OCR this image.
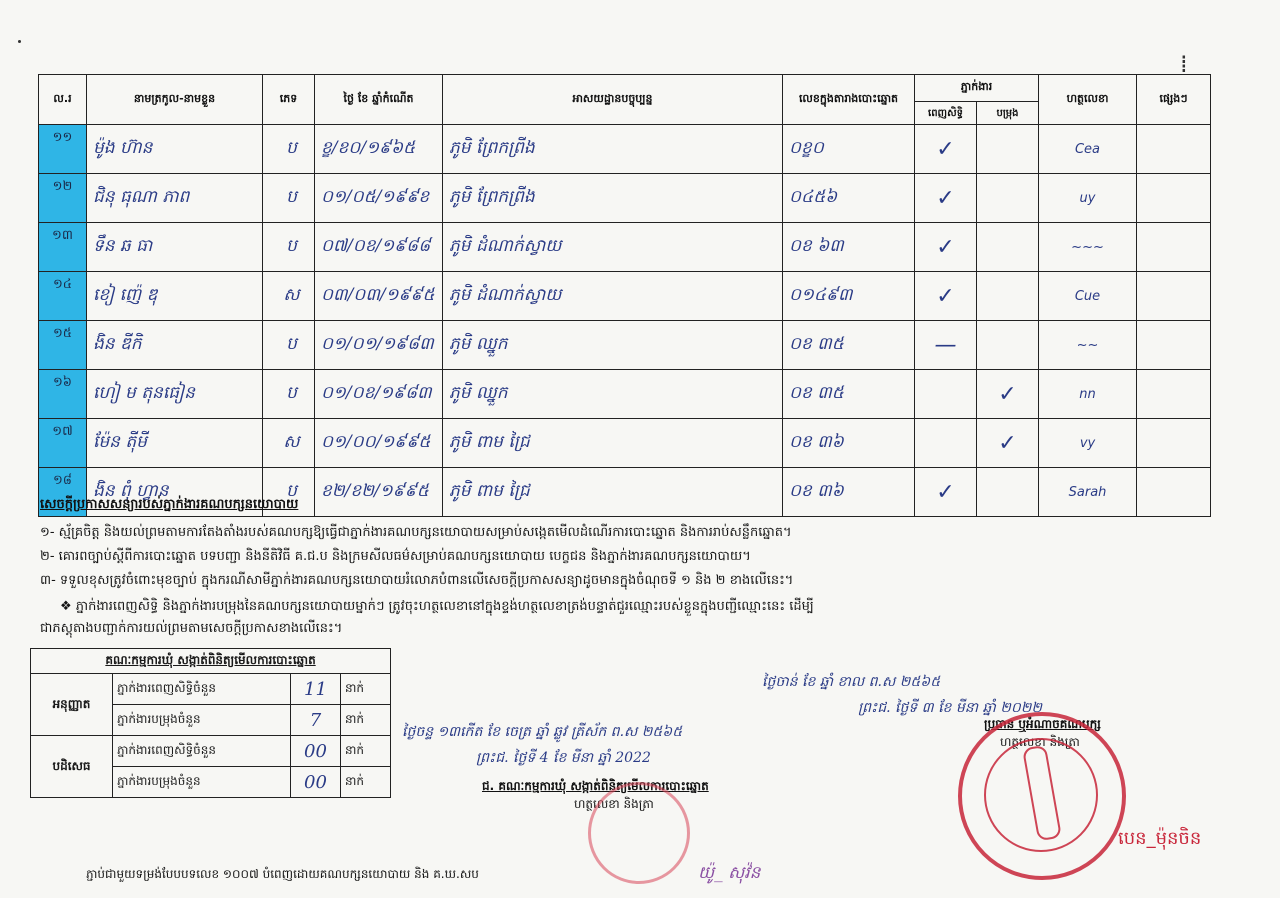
⁞
ល.រ	នាមត្រកូល-នាមខ្លួន	ភេទ	ថ្ងៃ ខែ ឆ្នាំកំណើត	អាសយដ្ឋានបច្ចុប្បន្ន	លេខក្នុងតារាងបោះឆ្នោត	ភ្នាក់ងារ		ហត្ថលេខា	ផ្សេងៗ
						ពេញសិទ្ធិ	បម្រុង		
១១	ម៉ូង ហ៊ាន	ប	ខ្ខ/ខ០/១៩៦៥	ភូមិ ព្រែកព្រីង	០ខ្ខ០	✓		Cea	
១២	ជិនុ ធុណា ភាព	ប	០១/០៥/១៩៩ខ	ភូមិ ព្រែកព្រីង	០៤៥៦	✓		uy	
១៣	ទឹន ឆ ធា	ប	០៧/០ខ/១៩៨៨	ភូមិ ដំណាក់ស្វាយ	០ខ ៦៣	✓		~~~	
១៤	ខៀ ញ៉េ ឌុ	ស	០៣/០៣/១៩៩៥	ភូមិ ដំណាក់ស្វាយ	០១៤៩៣	✓		Cue	
១៥	ងិន ឌីកិ	ប	០១/០១/១៩៨៣	ភូមិ ឈ្នួក	០ខ ៣៥	—		~~	
១៦	ហៀ ម តុនធៀន	ប	០១/០ខ/១៩៨៣	ភូមិ ឈ្នួក	០ខ ៣៥		✓	nn	
១៧	ម៉ែន ត៉ីមី	ស	០១/០០/១៩៩៥	ភូមិ ពាម ជ្រៃ	០ខ ៣៦		✓	vy	
១៨	ងិន ពុំ ហ្វាន	ប	ខ២/ខ២/១៩៩៥	ភូមិ ពាម ជ្រៃ	០ខ ៣៦	✓		Sarah	
សេចក្តីប្រកាសសន្យារបស់ភ្នាក់ងារគណបក្សនយោបាយ
១- ស្ម័គ្រចិត្ត និងយល់ព្រមតាមការតែងតាំងរបស់គណបក្សឱ្យធ្វើជាភ្នាក់ងារគណបក្សនយោបាយសម្រាប់សង្កេតមើលដំណើរការបោះឆ្នោត និងការរាប់សន្លឹកឆ្នោត។
២- គោរពច្បាប់ស្តីពីការបោះឆ្នោត បទបញ្ជា និងនីតិវិធី គ.ជ.ប និងក្រមសីលធម៌សម្រាប់គណបក្សនយោបាយ បេក្ខជន និងភ្នាក់ងារគណបក្សនយោបាយ។
៣- ទទួលខុសត្រូវចំពោះមុខច្បាប់ ក្នុងករណីសាមីភ្នាក់ងារគណបក្សនយោបាយរំលោភបំពានលើសេចក្តីប្រកាសសន្យាដូចមានក្នុងចំណុចទី ១ និង ២ ខាងលើនេះ។
❖ ភ្នាក់ងារពេញសិទ្ធិ និងភ្នាក់ងារបម្រុងនៃគណបក្សនយោបាយម្នាក់ៗ ត្រូវចុះហត្ថលេខានៅក្នុងខ្ទង់ហត្ថលេខាត្រង់បន្ទាត់ជួរឈ្មោះរបស់ខ្លួនក្នុងបញ្ជីឈ្មោះនេះ ដើម្បី
ជាភស្តុតាងបញ្ជាក់ការយល់ព្រមតាមសេចក្តីប្រកាសខាងលើនេះ។
គណៈកម្មការឃុំ សង្កាត់ពិនិត្យមើលការបោះឆ្នោត			
អនុញ្ញាត	ភ្នាក់ងារពេញសិទ្ធិចំនួន	11	នាក់
	ភ្នាក់ងារបម្រុងចំនួន	7	នាក់
បដិសេធ	ភ្នាក់ងារពេញសិទ្ធិចំនួន	00	នាក់
	ភ្នាក់ងារបម្រុងចំនួន	00	នាក់
ថ្ងៃចន្ទ ១៣កើត ខែ ចេត្រ ឆ្នាំ ឆ្លូវ ត្រីស័ក ព.ស ២៥៦៥
ព្រះជ. ថ្ងៃទី 4 ខែ មីនា ឆ្នាំ 2022
ជ. គណៈកម្មការឃុំ សង្កាត់ពិនិត្យមើលការបោះឆ្នោត
ហត្ថលេខា និងត្រា
យ៉ូ_ សុវ៉ន
ថ្ងៃចាន់ ខែ ឆ្នាំ ខាល ព.ស ២៥៦៥
ព្រះជ. ថ្ងៃទី ៣ ខែ មីនា ឆ្នាំ ២០២២
ប្រធាន ឬអំណាចគណបក្ស
ហត្ថលេខា និងត្រា
បេន_ម៉ុនចិន
ភ្ជាប់ជាមួយទម្រង់បែបបទលេខ ១០០៧ បំពេញដោយគណបក្សនយោបាយ និង គ.ឃ.សប
